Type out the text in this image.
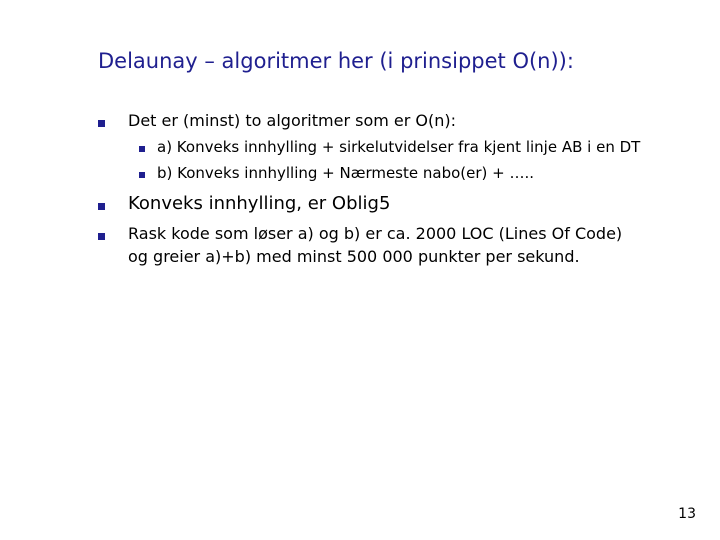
Delaunay – algoritmer her (i prinsippet O(n)):
Det er (minst) to algoritmer som er O(n):
a) Konveks innhylling + sirkelutvidelser fra kjent linje AB i en DT
b) Konveks innhylling + Nærmeste nabo(er) + …..
Konveks innhylling, er Oblig5
Rask kode som løser a) og b) er ca. 2000 LOC (Lines Of Code)
og greier a)+b) med minst 500 000 punkter per sekund.
13
